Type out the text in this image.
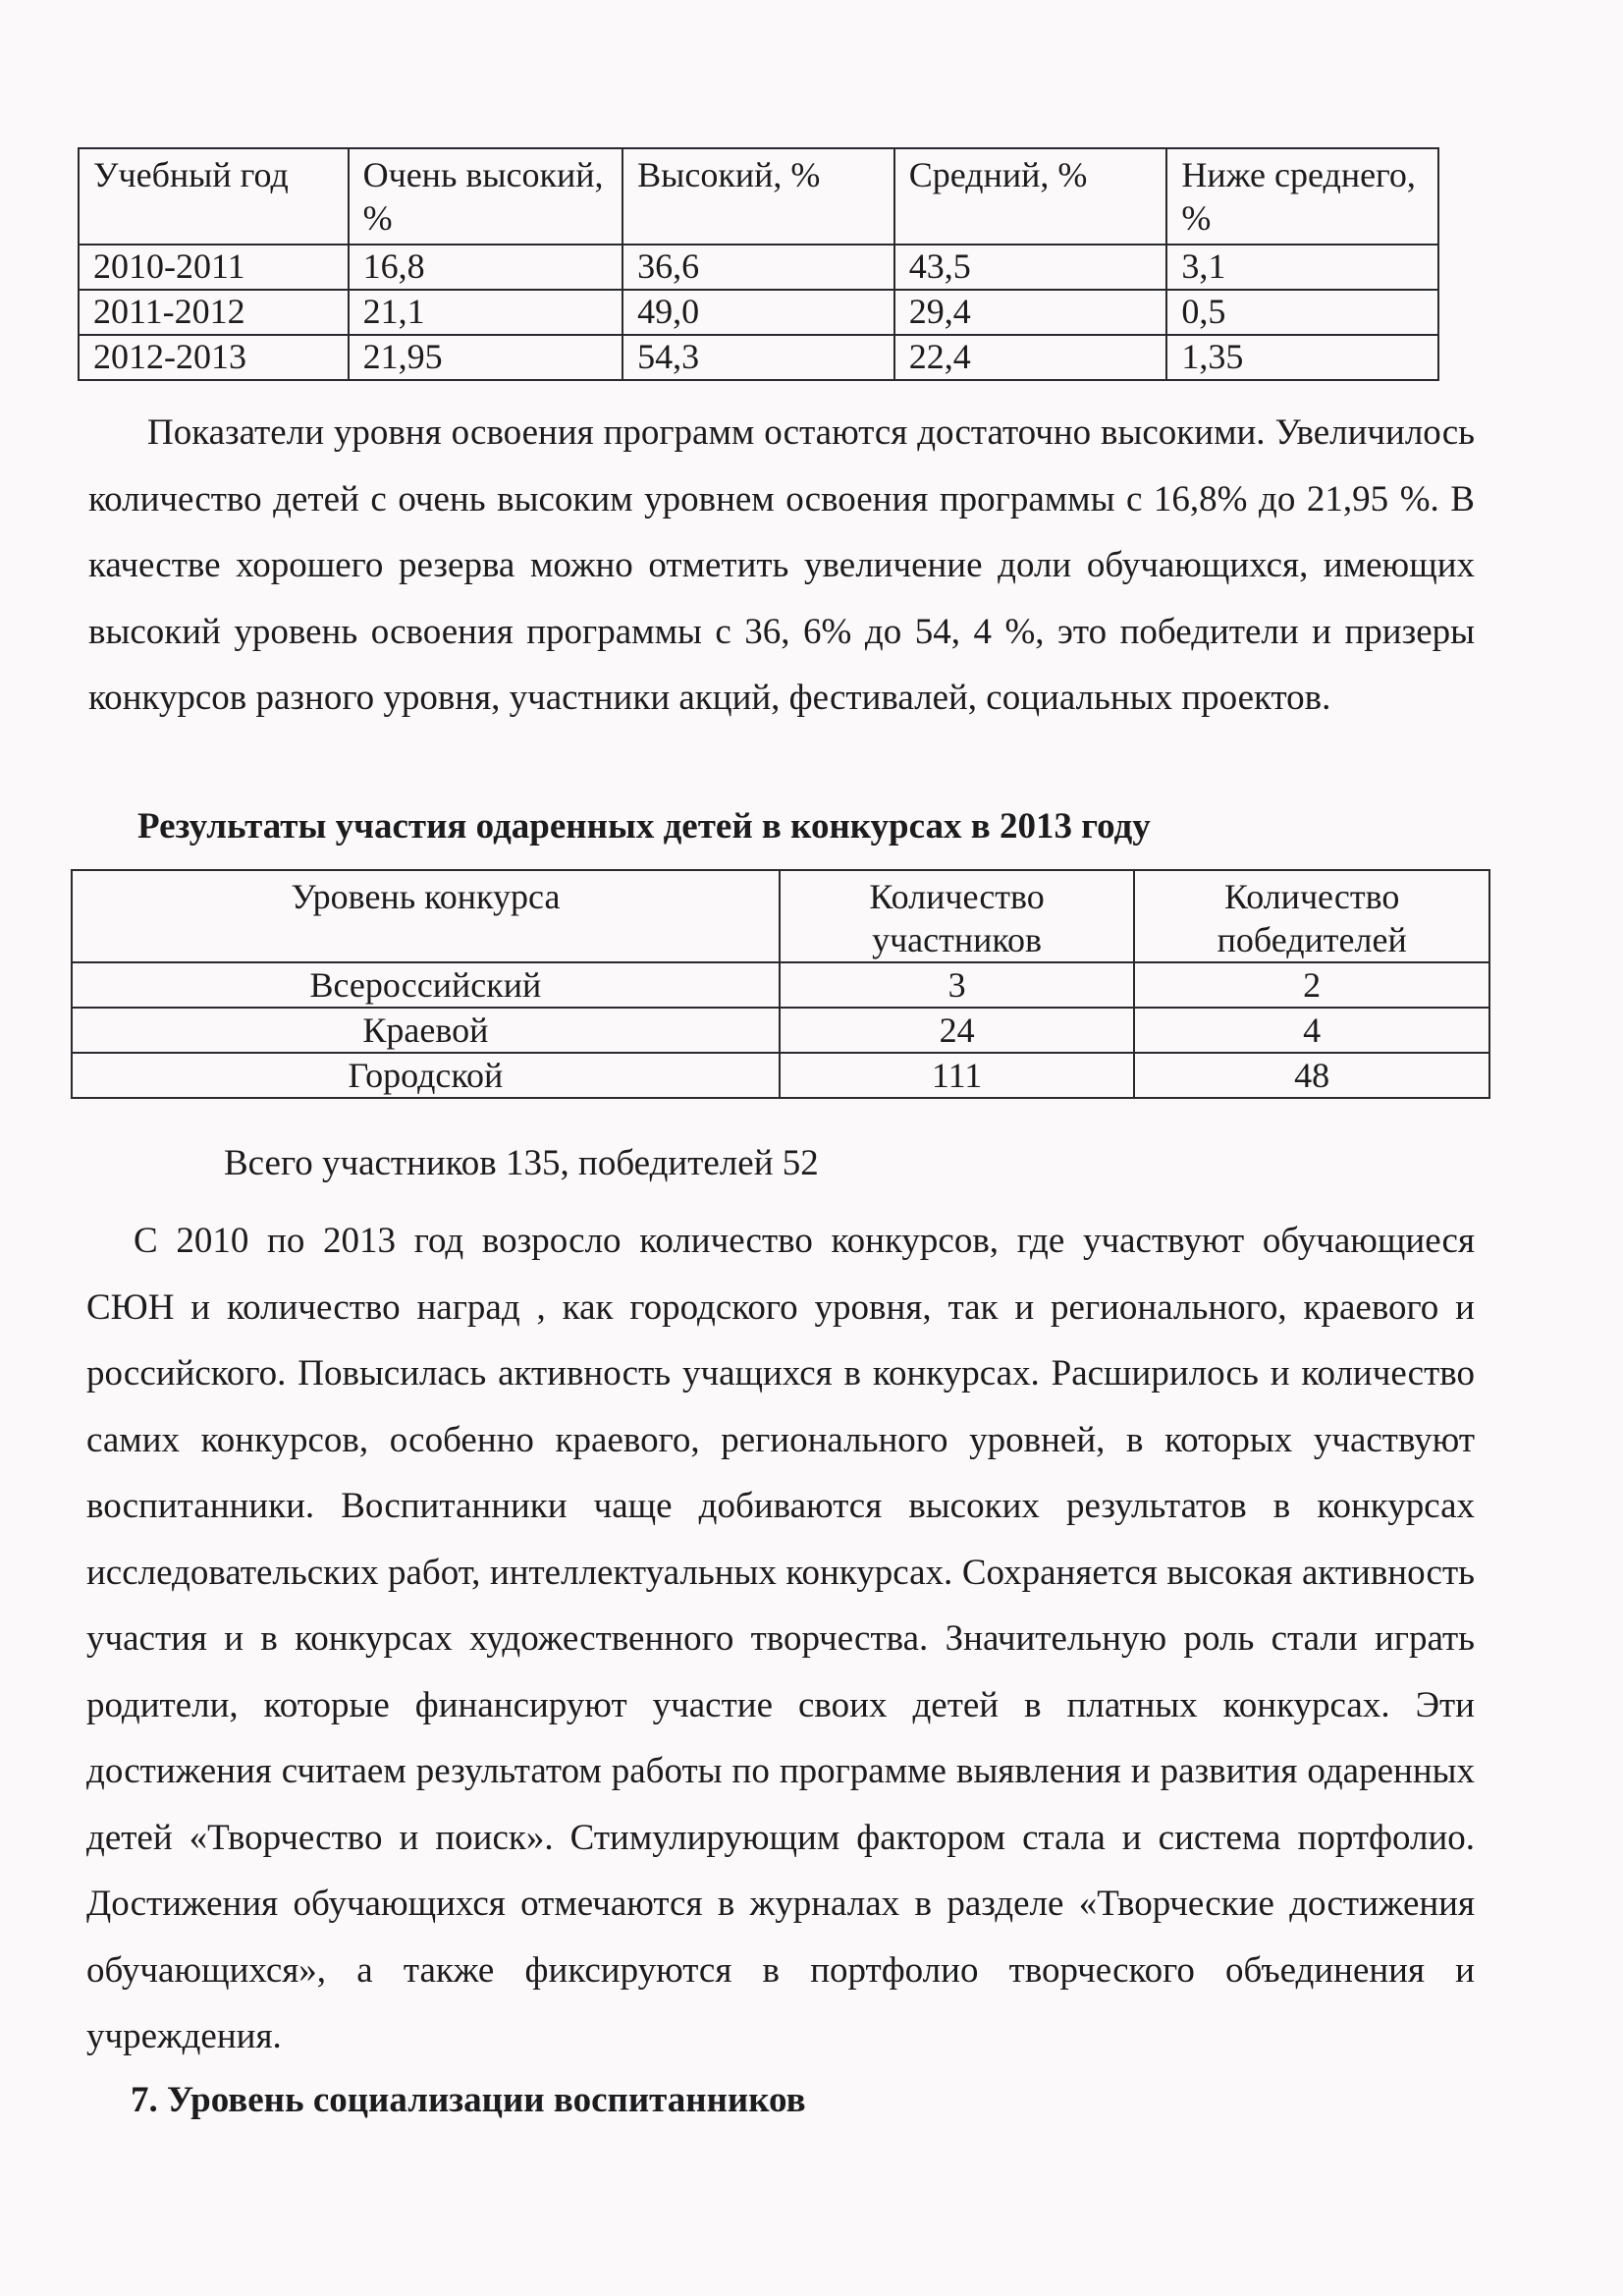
Учебный год	Очень высокий, %	Высокий, %	Средний, %	Ниже среднего, %
2010-2011	16,8	36,6	43,5	3,1
2011-2012	21,1	49,0	29,4	0,5
2012-2013	21,95	54,3	22,4	1,35

Показатели уровня освоения программ остаются достаточно высокими. Увеличилось количество детей с очень высоким уровнем освоения программы с 16,8% до 21,95 %. В качестве хорошего резерва можно отметить увеличение доли обучающихся, имеющих высокий уровень освоения программы с 36, 6% до 54, 4 %, это победители и призеры конкурсов разного уровня, участники акций, фестивалей, социальных проектов.

Результаты участия одаренных детей в конкурсах в 2013 году
Уровень конкурса	Количество участников	Количество победителей
Всероссийский	3	2
Краевой	24	4
Городской	111	48
Всего участников 135, победителей 52

С 2010 по 2013 год возросло количество конкурсов, где участвуют обучающиеся СЮН и количество наград , как городского уровня, так и регионального, краевого и российского. Повысилась активность учащихся в конкурсах. Расширилось и количество самих конкурсов, особенно краевого, регионального уровней, в которых участвуют воспитанники. Воспитанники чаще добиваются высоких результатов в конкурсах исследовательских работ, интеллектуальных конкурсах. Сохраняется высокая активность участия и в конкурсах художественного творчества. Значительную роль стали играть родители, которые финансируют участие своих детей в платных конкурсах. Эти достижения считаем результатом работы по программе выявления и развития одаренных детей «Творчество и поиск». Стимулирующим фактором стала и система портфолио. Достижения обучающихся отмечаются в журналах в разделе «Творческие достижения обучающихся», а также фиксируются в портфолио творческого объединения и учреждения.

7. Уровень социализации воспитанников
